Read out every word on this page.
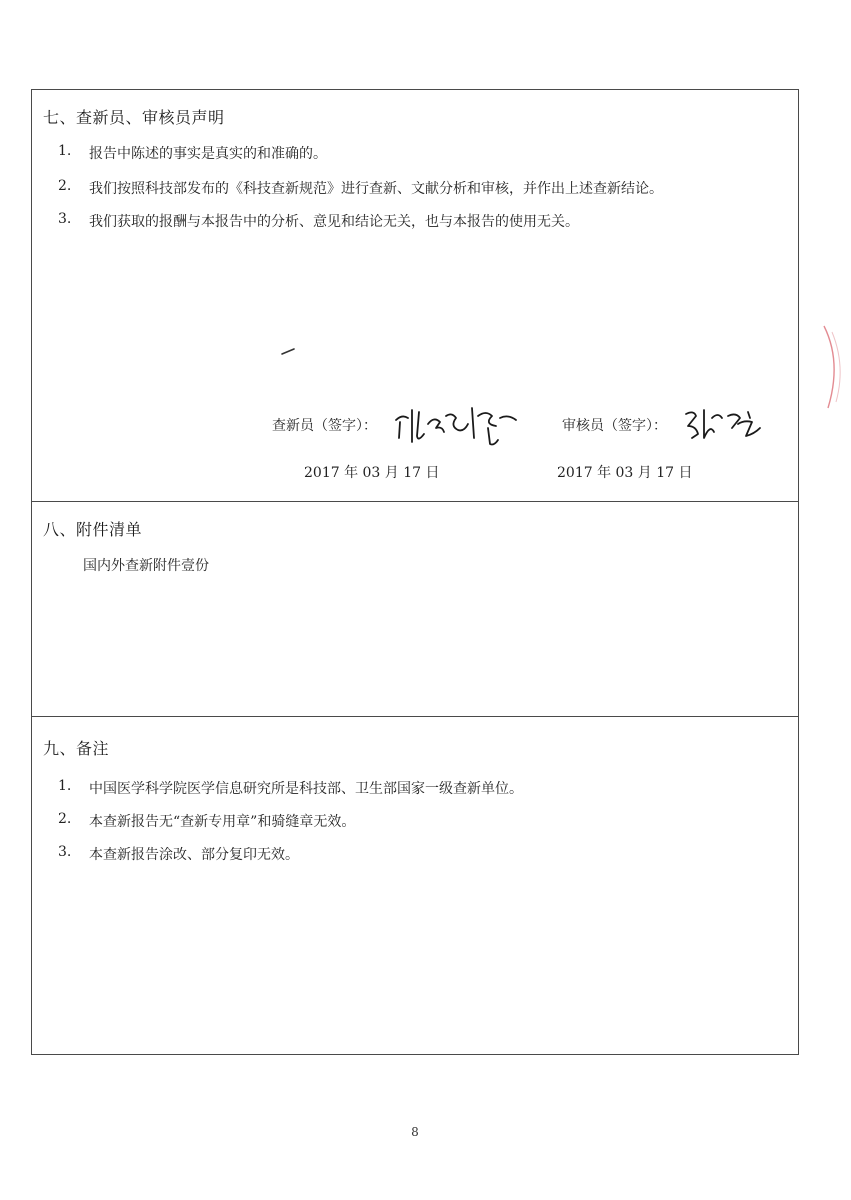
七、查新员、审核员声明
1.	报告中陈述的事实是真实的和准确的。
2.	我们按照科技部发布的《科技查新规范》进行查新、文献分析和审核，并作出上述查新结论。
3.	我们获取的报酬与本报告中的分析、意见和结论无关，也与本报告的使用无关。
查新员（签字）：
2017 年 03 月 17 日
审核员（签字）：
2017 年 03 月 17 日
八、附件清单
国内外查新附件壹份
九、备注
1.	中国医学科学院医学信息研究所是科技部、卫生部国家一级查新单位。
2.	本查新报告无“查新专用章”和骑缝章无效。
3.	本查新报告涂改、部分复印无效。
8
